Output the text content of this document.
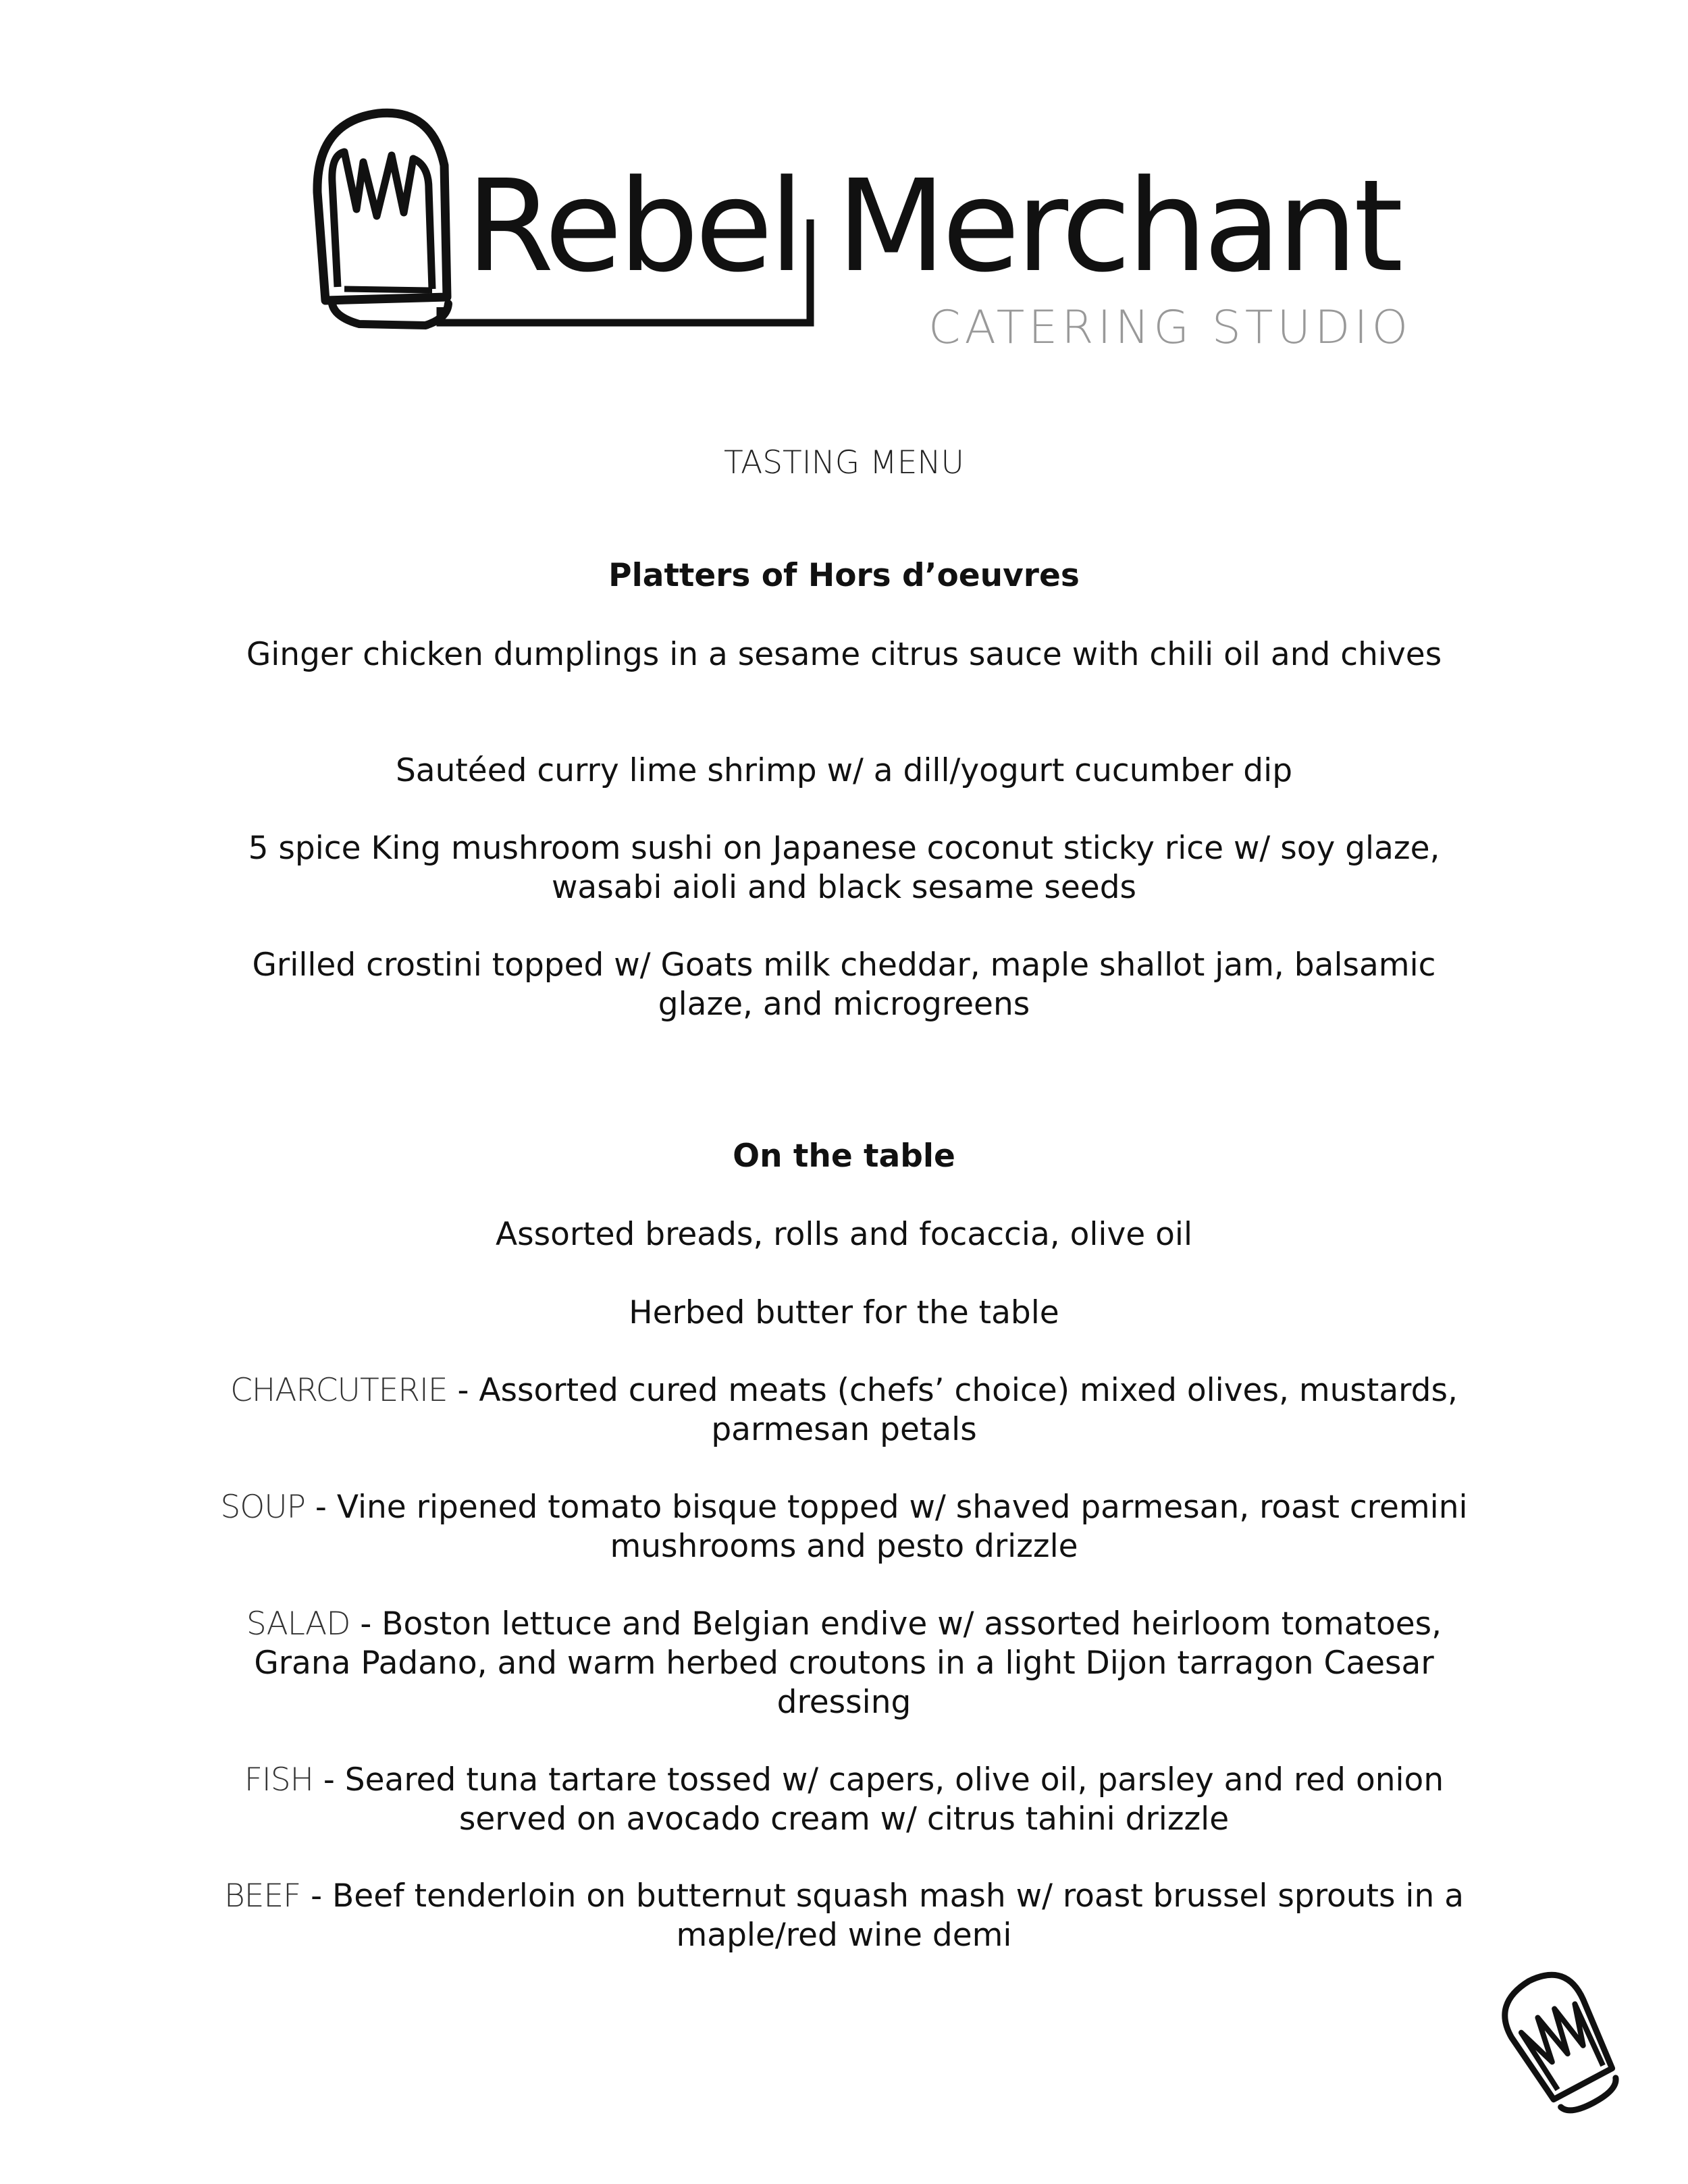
Rebel Merchant
CATERING STUDIO
TASTING MENU
Platters of Hors d’oeuvres
Ginger chicken dumplings in a sesame citrus sauce with chili oil and chives
Sautéed curry lime shrimp w/ a dill/yogurt cucumber dip
5 spice King mushroom sushi on Japanese coconut sticky rice w/ soy glaze, wasabi aioli and black sesame seeds
Grilled crostini topped w/ Goats milk cheddar, maple shallot jam, balsamic glaze, and microgreens
On the table
Assorted breads, rolls and focaccia, olive oil
Herbed butter for the table
CHARCUTERIE - Assorted cured meats (chefs’ choice) mixed olives, mustards, parmesan petals
SOUP - Vine ripened tomato bisque topped w/ shaved parmesan, roast cremini mushrooms and pesto drizzle
SALAD - Boston lettuce and Belgian endive w/ assorted heirloom tomatoes, Grana Padano, and warm herbed croutons in a light Dijon tarragon Caesar dressing
FISH - Seared tuna tartare tossed w/ capers, olive oil, parsley and red onion served on avocado cream w/ citrus tahini drizzle
BEEF - Beef tenderloin on butternut squash mash w/ roast brussel sprouts in a maple/red wine demi
